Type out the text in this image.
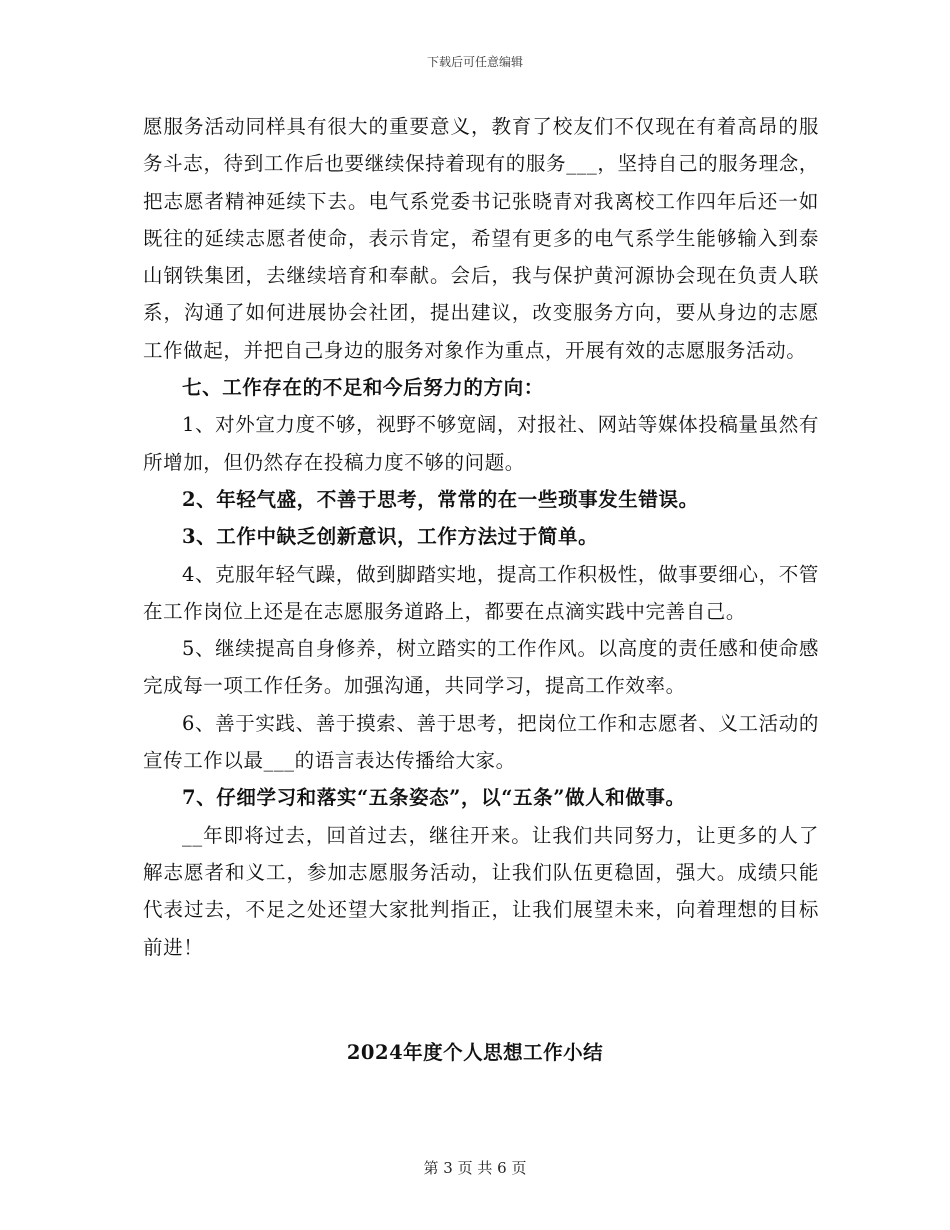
下载后可任意编辑

愿服务活动同样具有很大的重要意义，教育了校友们不仅现在有着高昂的服务斗志，待到工作后也要继续保持着现有的服务___，坚持自己的服务理念，把志愿者精神延续下去。电气系党委书记张晓青对我离校工作四年后还一如既往的延续志愿者使命，表示肯定，希望有更多的电气系学生能够输入到泰山钢铁集团，去继续培育和奉献。会后，我与保护黄河源协会现在负责人联系，沟通了如何进展协会社团，提出建议，改变服务方向，要从身边的志愿工作做起，并把自己身边的服务对象作为重点，开展有效的志愿服务活动。

七、工作存在的不足和今后努力的方向：

1、对外宣力度不够，视野不够宽阔，对报社、网站等媒体投稿量虽然有所增加，但仍然存在投稿力度不够的问题。

2、年轻气盛，不善于思考，常常的在一些琐事发生错误。

3、工作中缺乏创新意识，工作方法过于简单。

4、克服年轻气躁，做到脚踏实地，提高工作积极性，做事要细心，不管在工作岗位上还是在志愿服务道路上，都要在点滴实践中完善自己。

5、继续提高自身修养，树立踏实的工作作风。以高度的责任感和使命感完成每一项工作任务。加强沟通，共同学习，提高工作效率。

6、善于实践、善于摸索、善于思考，把岗位工作和志愿者、义工活动的宣传工作以最___的语言表达传播给大家。

7、仔细学习和落实“五条姿态”，以“五条”做人和做事。

__年即将过去，回首过去，继往开来。让我们共同努力，让更多的人了解志愿者和义工，参加志愿服务活动，让我们队伍更稳固，强大。成绩只能代表过去，不足之处还望大家批判指正，让我们展望未来，向着理想的目标前进！

2024年度个人思想工作小结
第 3 页 共 6 页
